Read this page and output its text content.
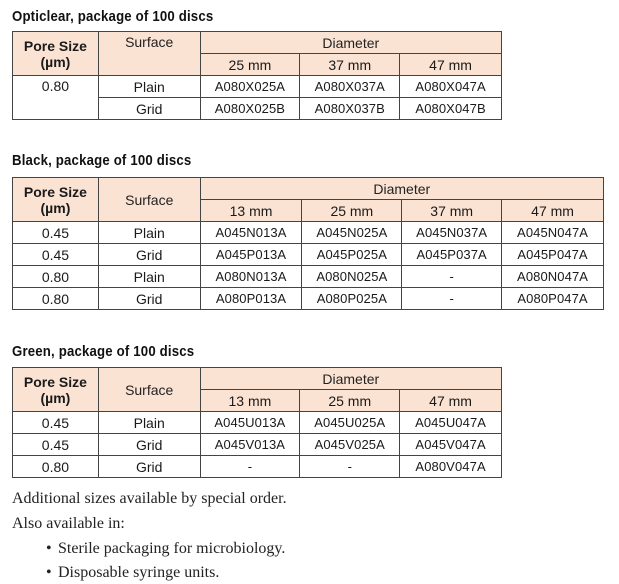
Opticlear, package of 100 discs
Pore Size
(µm)	Surface	Diameter		
		25 mm	37 mm	47 mm
0.80	Plain	A080X025A	A080X037A	A080X047A
	Grid	A080X025B	A080X037B	A080X047B
Black, package of 100 discs
Pore Size
(µm)	Surface	Diameter			
		13 mm	25 mm	37 mm	47 mm
0.45	Plain	A045N013A	A045N025A	A045N037A	A045N047A
0.45	Grid	A045P013A	A045P025A	A045P037A	A045P047A
0.80	Plain	A080N013A	A080N025A	-	A080N047A
0.80	Grid	A080P013A	A080P025A	-	A080P047A
Green, package of 100 discs
Pore Size
(µm)	Surface	Diameter		
		13 mm	25 mm	47 mm
0.45	Plain	A045U013A	A045U025A	A045U047A
0.45	Grid	A045V013A	A045V025A	A045V047A
0.80	Grid	-	-	A080V047A
Additional sizes available by special order.
Also available in:
• Sterile packaging for microbiology.
• Disposable syringe units.
